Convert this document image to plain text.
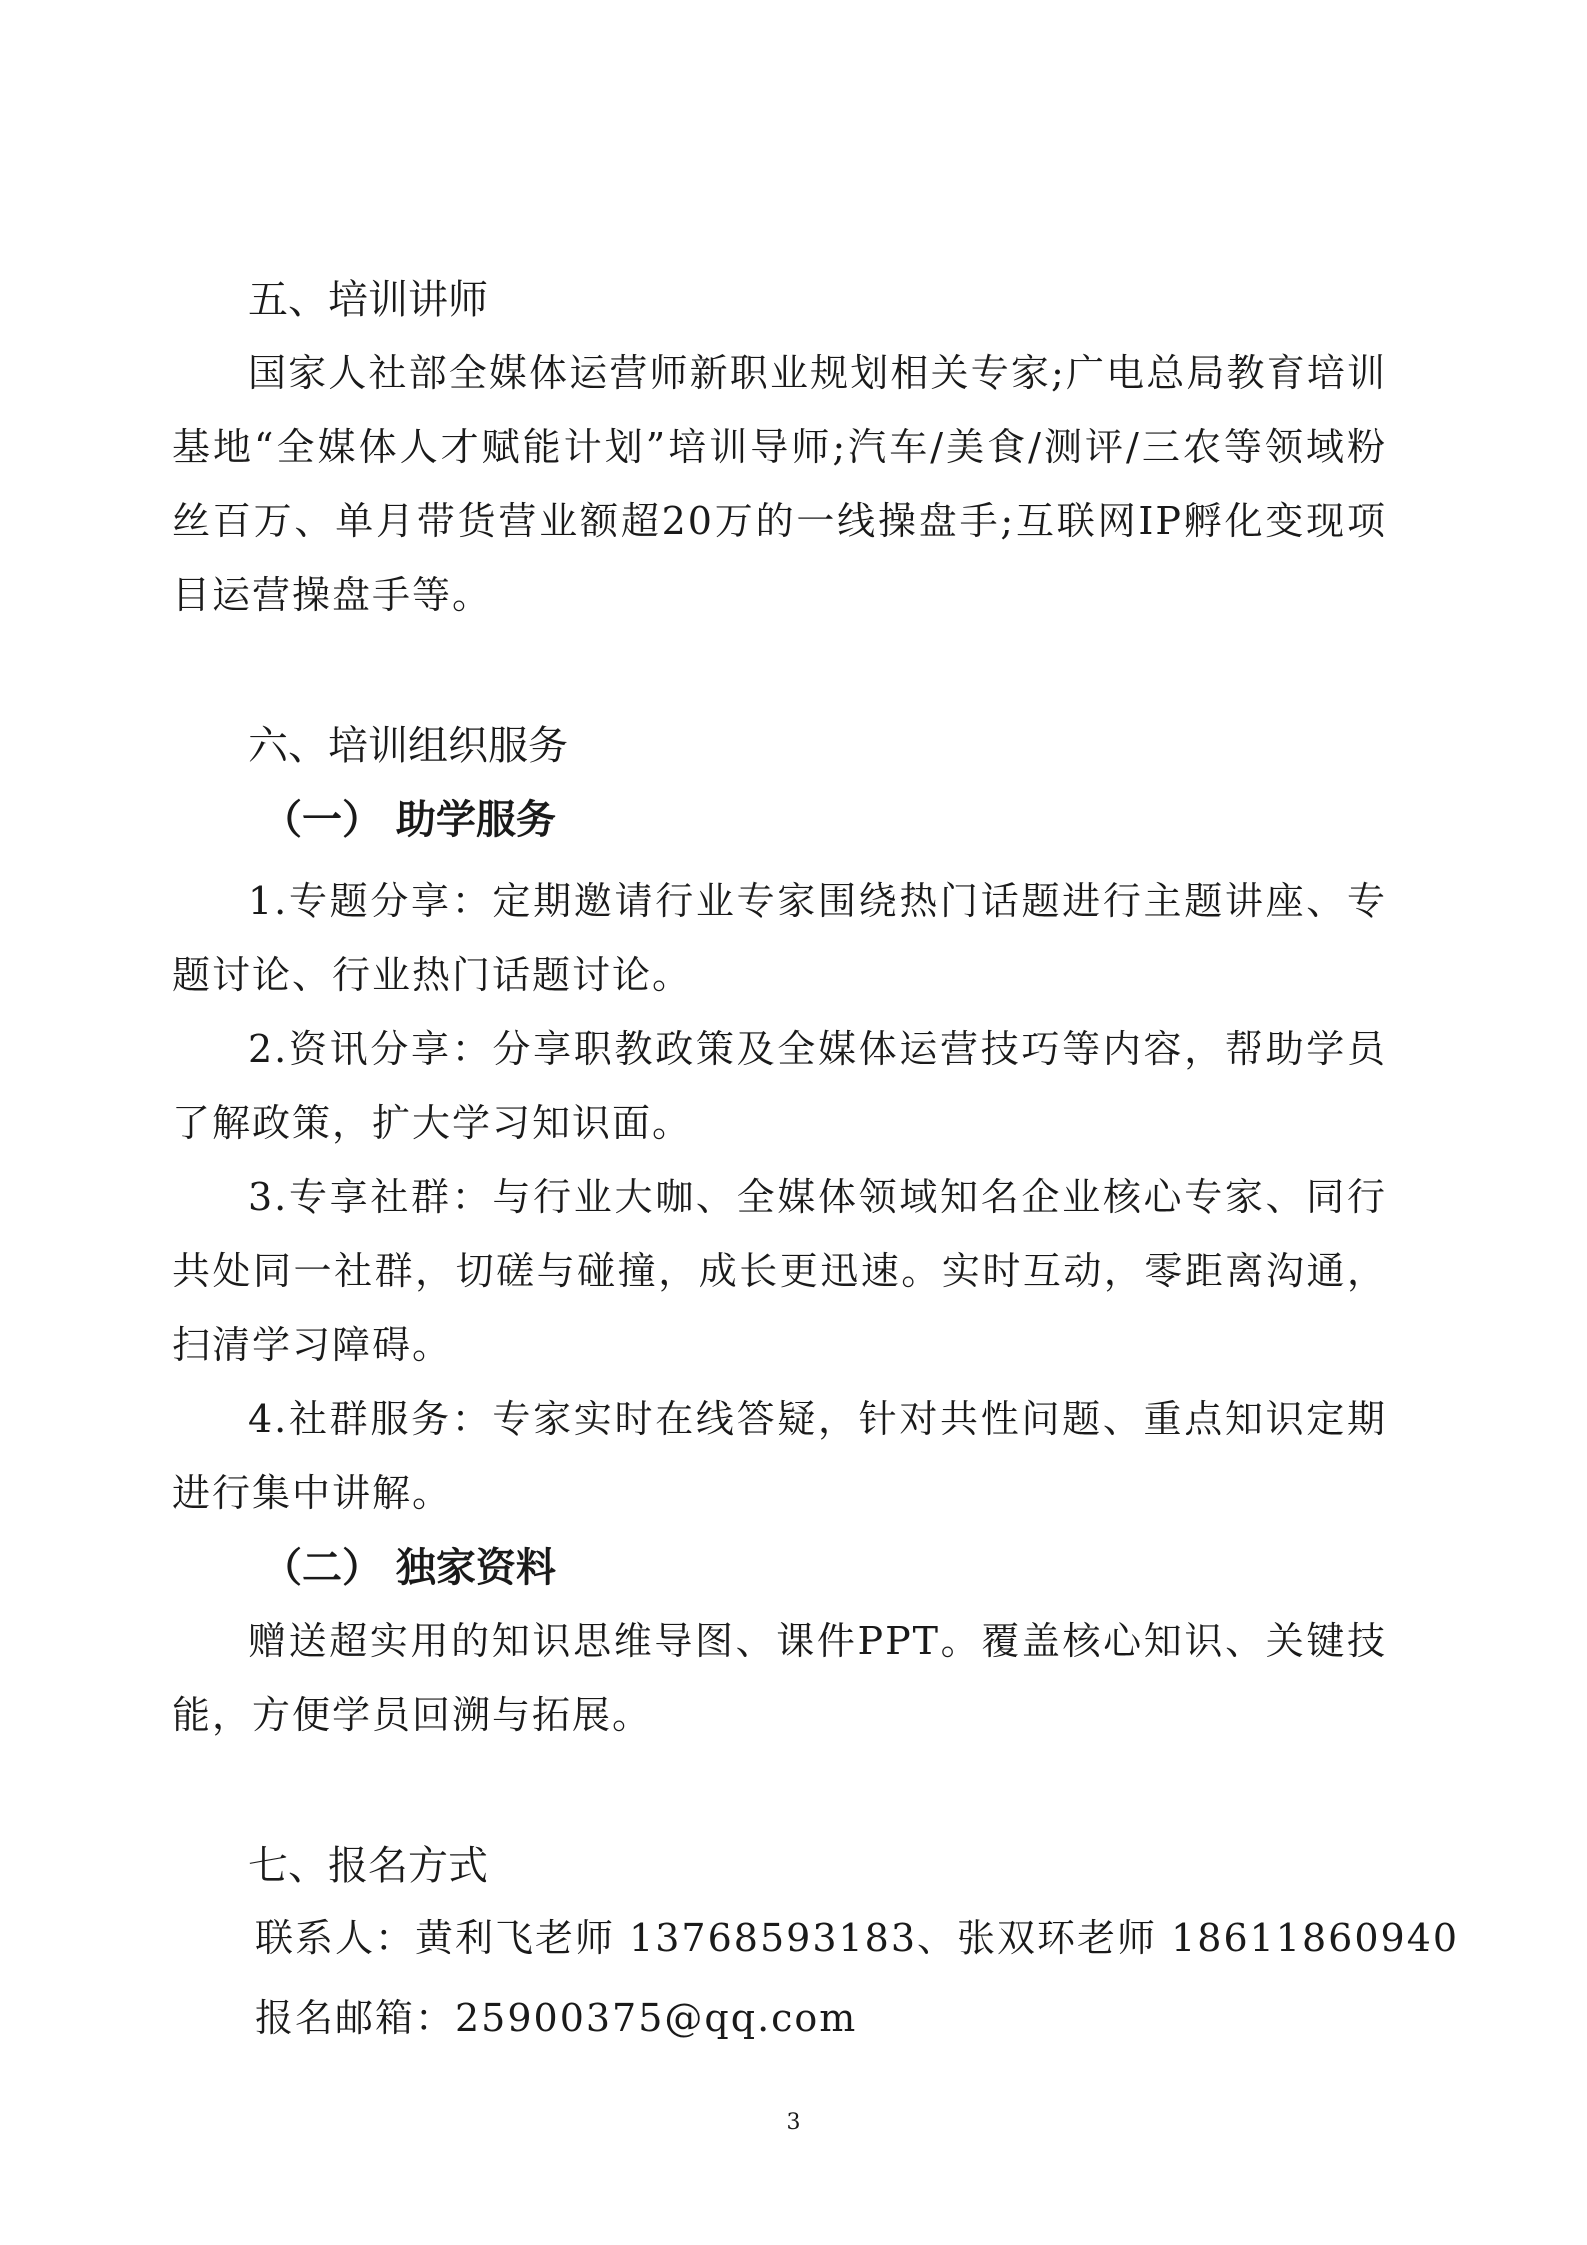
五、培训讲师
国家人社部全媒体运营师新职业规划相关专家;广电总局教育培训基地“全媒体人才赋能计划”培训导师;汽车/美食/测评/三农等领域粉丝百万、单月带货营业额超20万的一线操盘手;互联网IP孵化变现项目运营操盘手等。
六、培训组织服务
（一） 助学服务
1.专题分享：定期邀请行业专家围绕热门话题进行主题讲座、专题讨论、行业热门话题讨论。
2.资讯分享：分享职教政策及全媒体运营技巧等内容，帮助学员了解政策，扩大学习知识面。
3.专享社群：与行业大咖、全媒体领域知名企业核心专家、同行共处同一社群，切磋与碰撞，成长更迅速。实时互动，零距离沟通，扫清学习障碍。
4.社群服务：专家实时在线答疑，针对共性问题、重点知识定期进行集中讲解。
（二） 独家资料
赠送超实用的知识思维导图、课件PPT。覆盖核心知识、关键技能，方便学员回溯与拓展。
七、报名方式
联系人：黄利飞老师 13768593183、张双环老师 18611860940
报名邮箱：25900375@qq.com
3
